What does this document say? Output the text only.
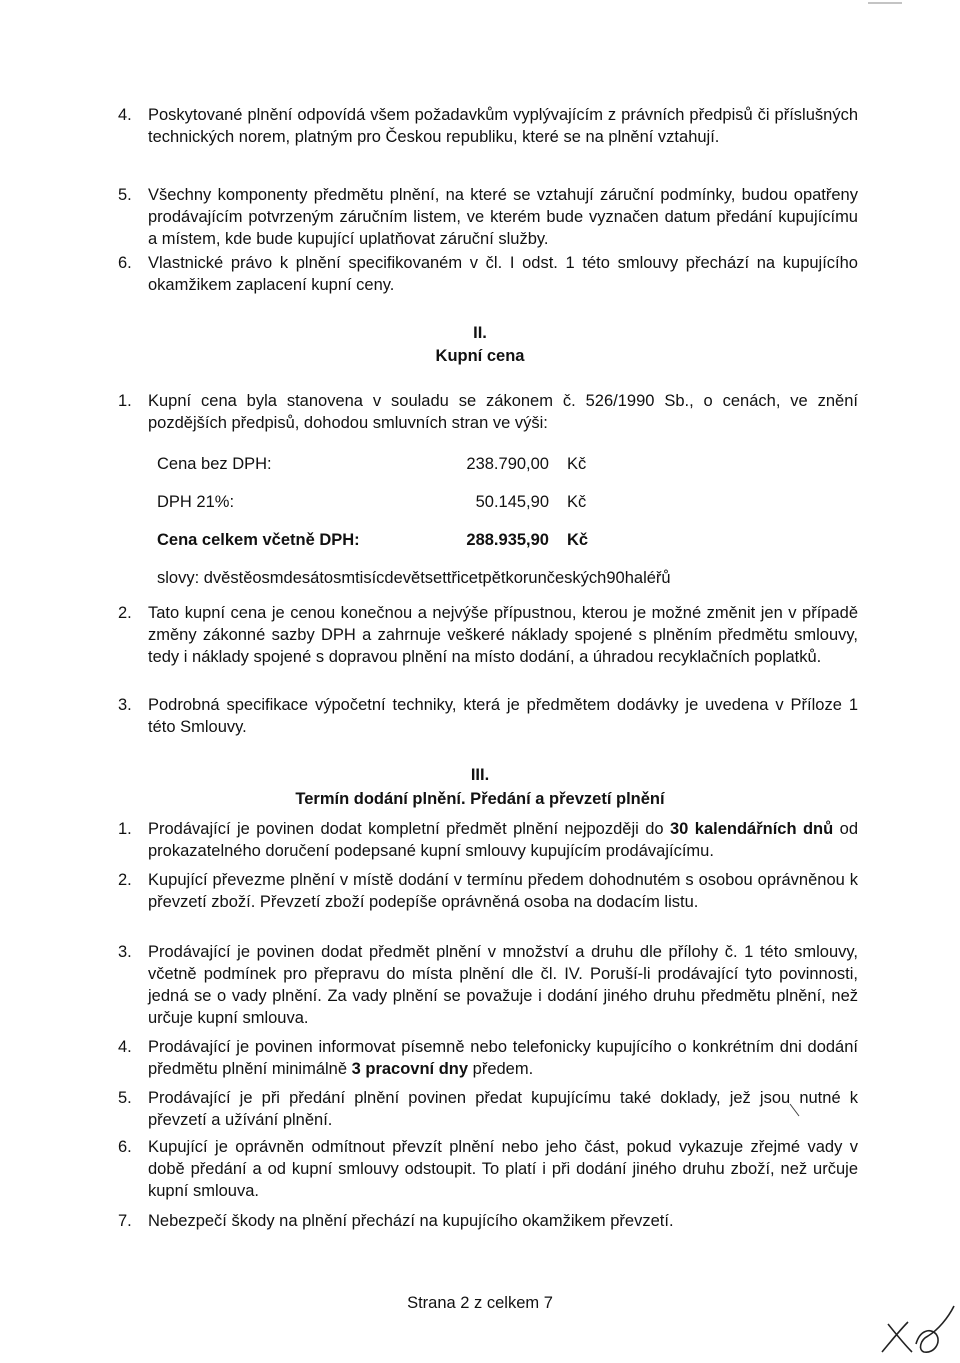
4. Poskytované plnění odpovídá všem požadavkům vyplývajícím z právních předpisů či příslušných technických norem, platným pro Českou republiku, které se na plnění vztahují.
5. Všechny komponenty předmětu plnění, na které se vztahují záruční podmínky, budou opatřeny prodávajícím potvrzeným záručním listem, ve kterém bude vyznačen datum předání kupujícímu a místem, kde bude kupující uplatňovat záruční služby.
6. Vlastnické právo k plnění specifikovaném v čl. I odst. 1 této smlouvy přechází na kupujícího okamžikem zaplacení kupní ceny.
II.
Kupní cena
1. Kupní cena byla stanovena v souladu se zákonem č. 526/1990 Sb., o cenách, ve znění pozdějších předpisů, dohodou smluvních stran ve výši:
Cena bez DPH:	238.790,00 Kč
DPH 21%:	50.145,90 Kč
Cena celkem včetně DPH:	288.935,90 Kč
slovy: dvěstěosmdesátosmtisícdevětsettřicetpětkorunčeských90haléřů
2. Tato kupní cena je cenou konečnou a nejvýše přípustnou, kterou je možné změnit jen v případě změny zákonné sazby DPH a zahrnuje veškeré náklady spojené s plněním předmětu smlouvy, tedy i náklady spojené s dopravou plnění na místo dodání, a úhradou recyklačních poplatků.
3. Podrobná specifikace výpočetní techniky, která je předmětem dodávky je uvedena v Příloze 1 této Smlouvy.
III.
Termín dodání plnění. Předání a převzetí plnění
1. Prodávající je povinen dodat kompletní předmět plnění nejpozději do 30 kalendářních dnů od prokazatelného doručení podepsané kupní smlouvy kupujícím prodávajícímu.
2. Kupující převezme plnění v místě dodání v termínu předem dohodnutém s osobou oprávněnou k převzetí zboží. Převzetí zboží podepíše oprávněná osoba na dodacím listu.
3. Prodávající je povinen dodat předmět plnění v množství a druhu dle přílohy č. 1 této smlouvy, včetně podmínek pro přepravu do místa plnění dle čl. IV. Poruší-li prodávající tyto povinnosti, jedná se o vady plnění. Za vady plnění se považuje i dodání jiného druhu předmětu plnění, než určuje kupní smlouva.
4. Prodávající je povinen informovat písemně nebo telefonicky kupujícího o konkrétním dni dodání předmětu plnění minimálně 3 pracovní dny předem.
5. Prodávající je při předání plnění povinen předat kupujícímu také doklady, jež jsou nutné k převzetí a užívání plnění.
6. Kupující je oprávněn odmítnout převzít plnění nebo jeho část, pokud vykazuje zřejmé vady v době předání a od kupní smlouvy odstoupit. To platí i při dodání jiného druhu zboží, než určuje kupní smlouva.
7. Nebezpečí škody na plnění přechází na kupujícího okamžikem převzetí.
Strana 2 z celkem 7
